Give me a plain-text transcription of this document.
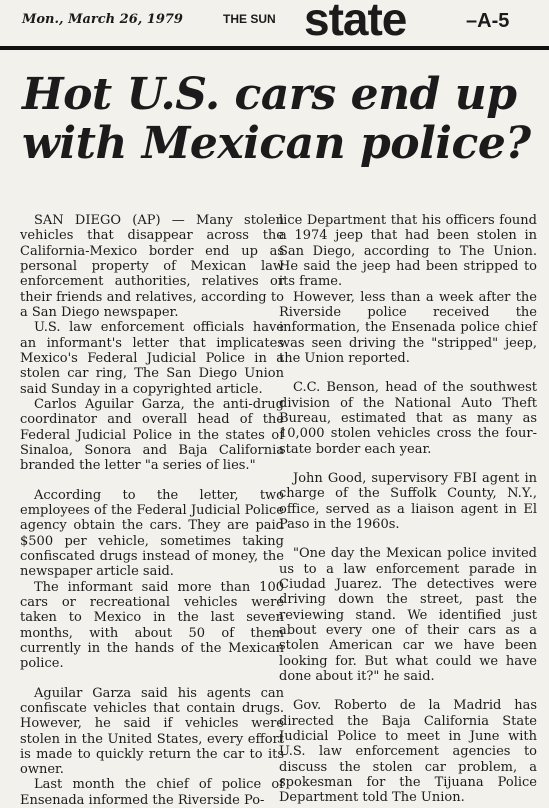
Mon., March 26, 1979	THE SUN state	–A-5
Hot U.S. cars end up with Mexican police?

SAN DIEGO (AP) — Many stolen vehicles that disappear across the California-Mexico border end up as personal property of Mexican law enforcement authorities, relatives or their friends and relatives, according to a San Diego newspaper.

U.S. law enforcement officials have an informant's letter that implicates Mexico's Federal Judicial Police in a stolen car ring, The San Diego Union said Sunday in a copyrighted article.

Carlos Aguilar Garza, the anti-drug coordinator and overall head of the Federal Judicial Police in the states of Sinaloa, Sonora and Baja California branded the letter "a series of lies."

According to the letter, two employees of the Federal Judicial Police agency obtain the cars. They are paid $500 per vehicle, sometimes taking confiscated drugs instead of money, the newspaper article said.

The informant said more than 100 cars or recreational vehicles were taken to Mexico in the last seven months, with about 50 of them currently in the hands of the Mexican police.

Aguilar Garza said his agents can confiscate vehicles that contain drugs. However, he said if vehicles were stolen in the United States, every effort is made to quickly return the car to its owner.

Last month the chief of police of Ensenada informed the Riverside Po-

lice Department that his officers found a 1974 jeep that had been stolen in San Diego, according to The Union. He said the jeep had been stripped to its frame.

However, less than a week after the Riverside police received the information, the Ensenada police chief was seen driving the "stripped" jeep, the Union reported.

C.C. Benson, head of the southwest division of the National Auto Theft Bureau, estimated that as many as 10,000 stolen vehicles cross the four-state border each year.

John Good, supervisory FBI agent in charge of the Suffolk County, N.Y., office, served as a liaison agent in El Paso in the 1960s.

"One day the Mexican police invited us to a law enforcement parade in Ciudad Juarez. The detectives were driving down the street, past the reviewing stand. We identified just about every one of their cars as a stolen American car we have been looking for. But what could we have done about it?" he said.

Gov. Roberto de la Madrid has directed the Baja California State Judicial Police to meet in June with U.S. law enforcement agencies to discuss the stolen car problem, a spokesman for the Tijuana Police Department told The Union.
